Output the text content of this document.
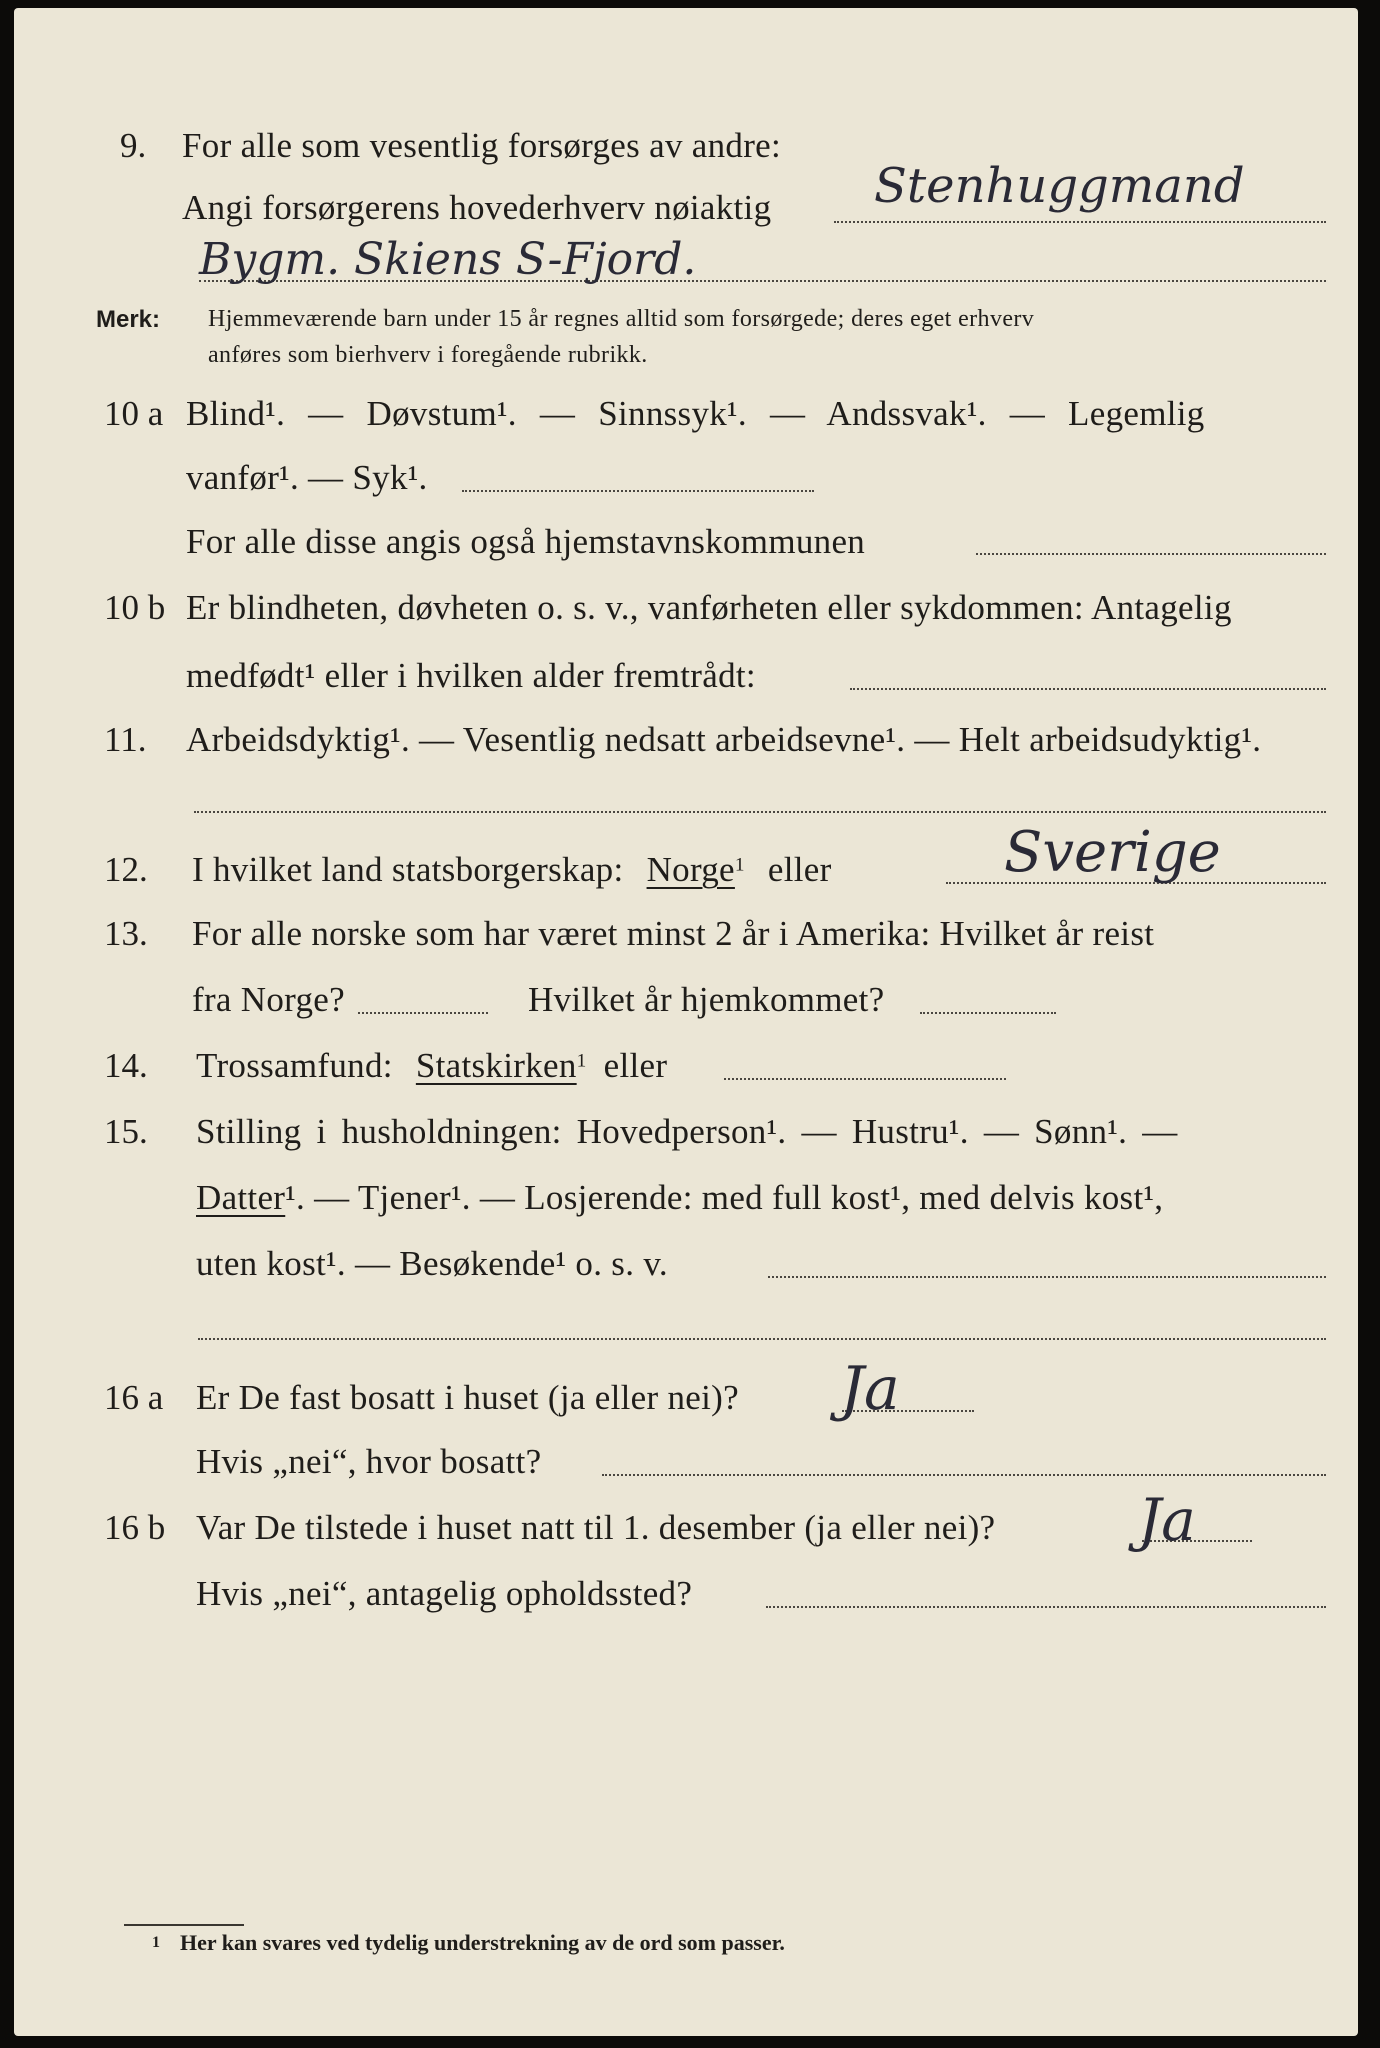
9. For alle som vesentlig forsørges av andre:
Angi forsørgerens hovederhverv nøiaktig Stenhuggmand
Bygm. Skiens S-Fjord.
Merk: Hjemmeværende barn under 15 år regnes alltid som forsørgede; deres eget erhverv
anføres som bierhverv i foregående rubrikk.
10 a Blind¹. — Døvstum¹. — Sinnssyk¹. — Andssvak¹. — Legemlig
vanfør¹. — Syk¹.
For alle disse angis også hjemstavnskommunen
10 b Er blindheten, døvheten o. s. v., vanførheten eller sykdommen: Antagelig
medfødt¹ eller i hvilken alder fremtrådt:
11. Arbeidsdyktig¹. — Vesentlig nedsatt arbeidsevne¹. — Helt arbeidsudyktig¹.
12. I hvilket land statsborgerskap: Norge$^1$ eller	Sverige
13. For alle norske som har været minst 2 år i Amerika: Hvilket år reist
fra Norge?	Hvilket år hjemkommet?
14. Trossamfund: Statskirken$^1$ eller
15. Stilling i husholdningen: Hovedperson¹. — Hustru¹. — Sønn¹. —
Datter¹. — Tjener¹. — Losjerende: med full kost¹, med delvis kost¹,
uten kost¹. — Besøkende¹ o. s. v.
16 a Er De fast bosatt i huset (ja eller nei)? Ja
Hvis „nei“, hvor bosatt?
16 b Var De tilstede i huset natt til 1. desember (ja eller nei)? Ja
Hvis „nei“, antagelig opholdssted?
1 Her kan svares ved tydelig understrekning av de ord som passer.
